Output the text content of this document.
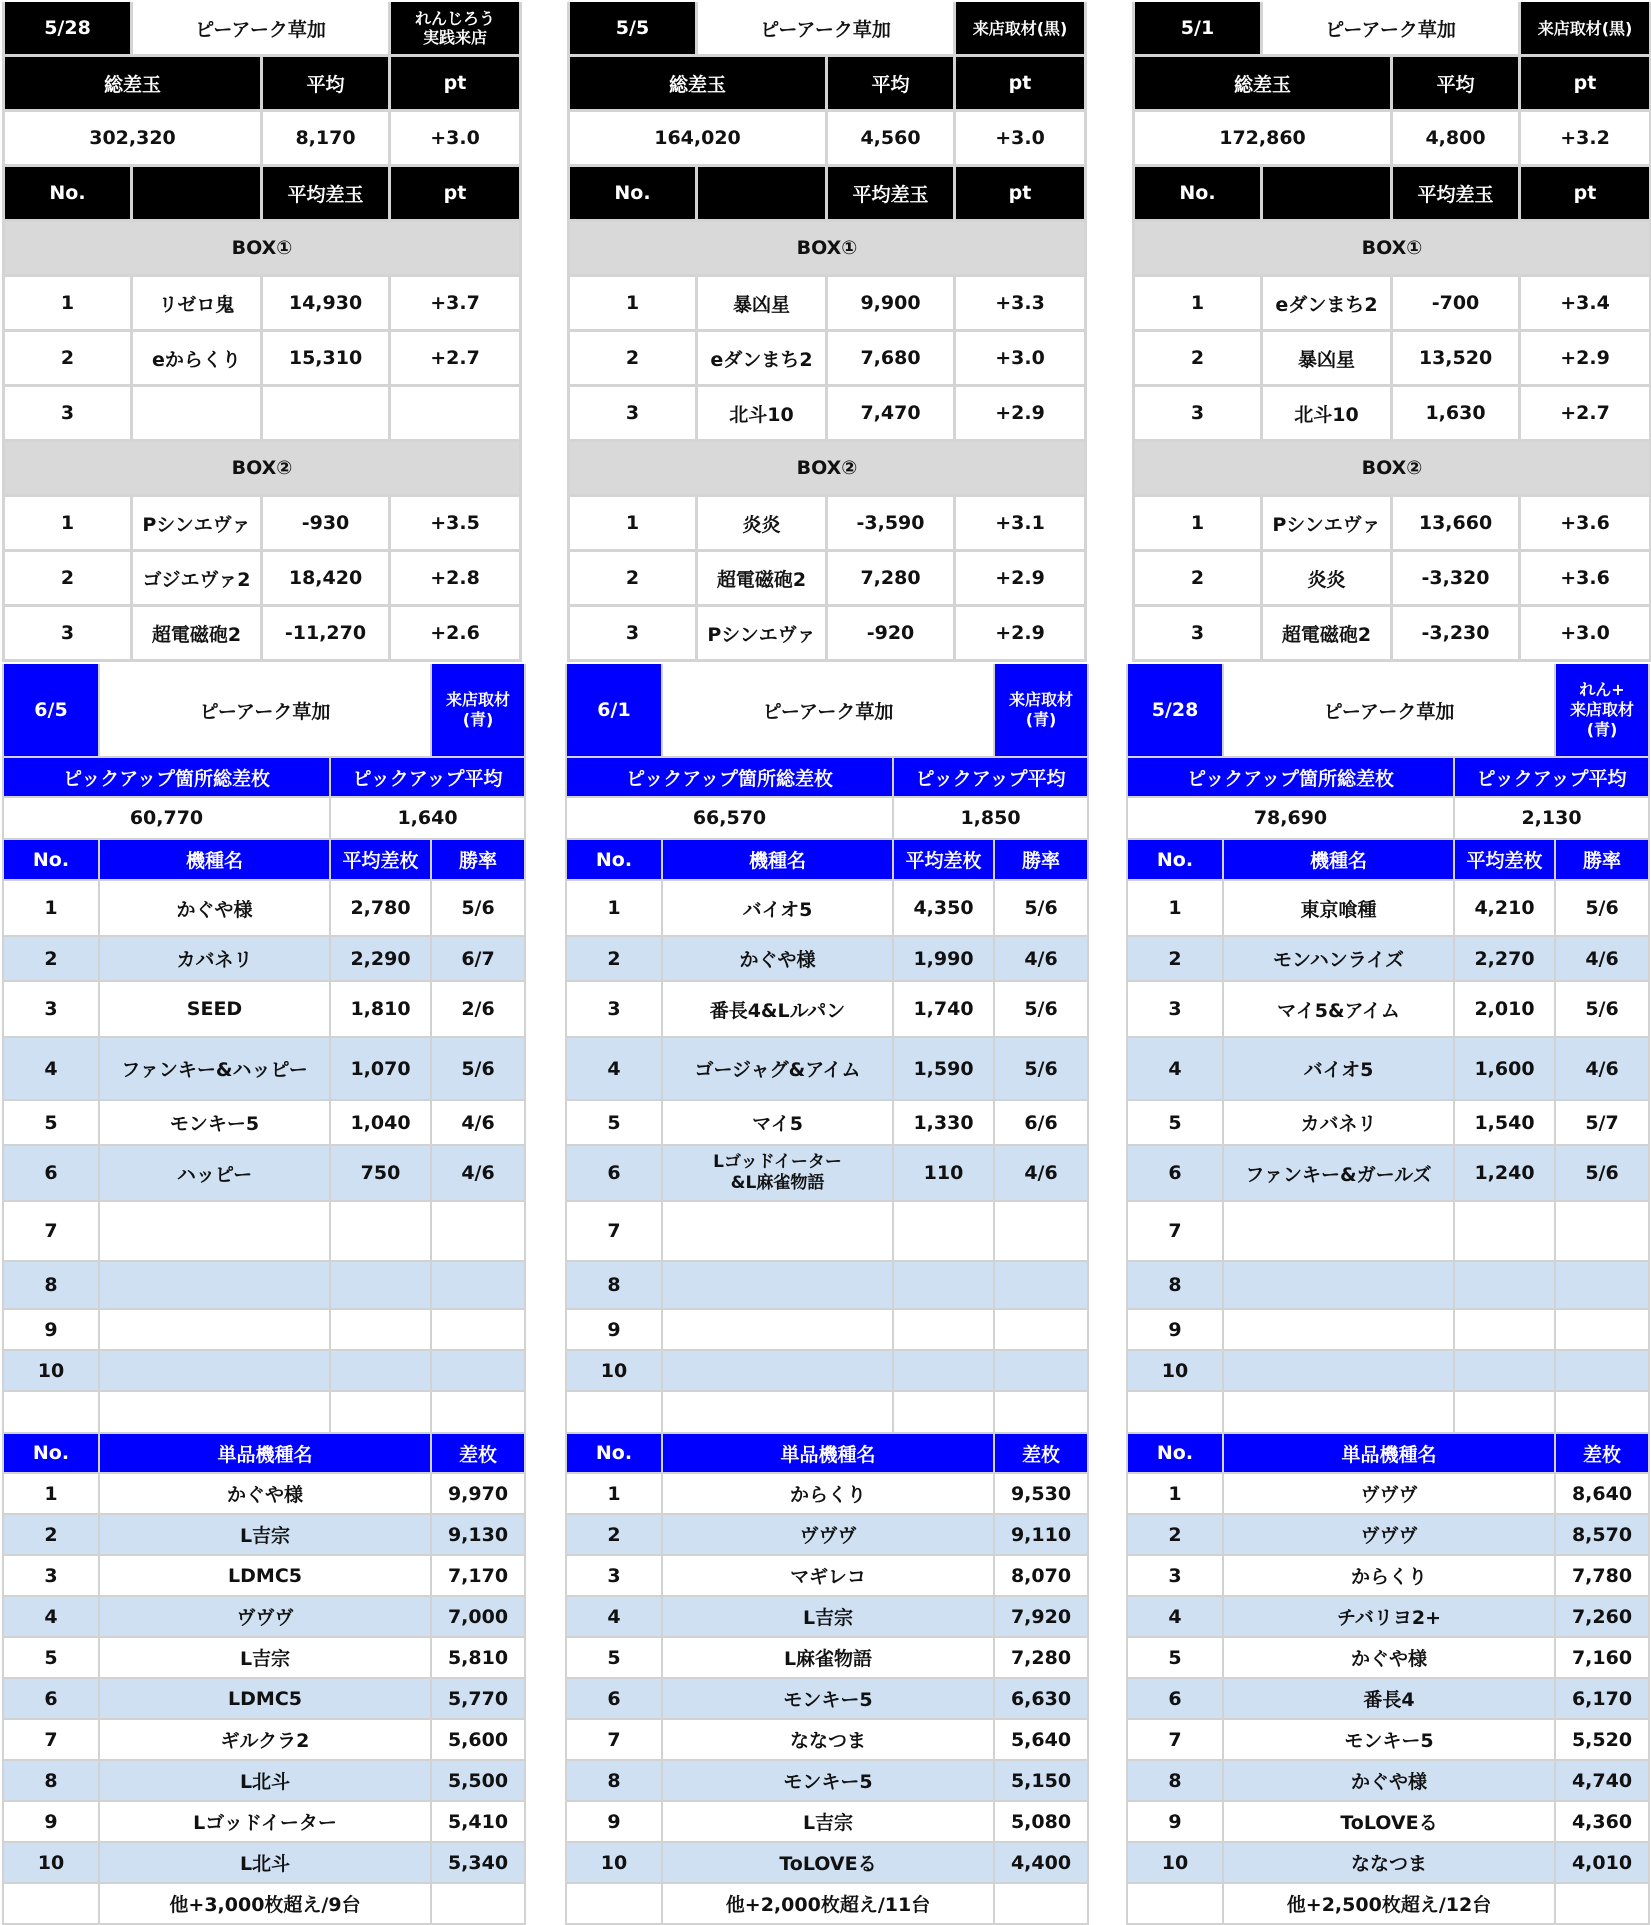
5/28	ピーアーク草加		れんじろう
実践来店
総差玉		平均	pt
302,320		8,170	+3.0
No.		平均差玉	pt
BOX①			
1	リゼロ鬼	14,930	+3.7
2	eからくり	15,310	+2.7
3			
BOX②			
1	Pシンエヴァ	-930	+3.5
2	ゴジエヴァ2	18,420	+2.8
3	超電磁砲2	-11,270	+2.6
5/5	ピーアーク草加		来店取材(黒)
総差玉		平均	pt
164,020		4,560	+3.0
No.		平均差玉	pt
BOX①			
1	暴凶星	9,900	+3.3
2	eダンまち2	7,680	+3.0
3	北斗10	7,470	+2.9
BOX②			
1	炎炎	-3,590	+3.1
2	超電磁砲2	7,280	+2.9
3	Pシンエヴァ	-920	+2.9
5/1	ピーアーク草加		来店取材(黒)
総差玉		平均	pt
172,860		4,800	+3.2
No.		平均差玉	pt
BOX①			
1	eダンまち2	-700	+3.4
2	暴凶星	13,520	+2.9
3	北斗10	1,630	+2.7
BOX②			
1	Pシンエヴァ	13,660	+3.6
2	炎炎	-3,320	+3.6
3	超電磁砲2	-3,230	+3.0
6/5	ピーアーク草加		来店取材
(青)
ピックアップ箇所総差枚		ピックアップ平均	
60,770		1,640	
No.	機種名	平均差枚	勝率
1	かぐや様	2,780	5/6
2	カバネリ	2,290	6/7
3	SEED	1,810	2/6
4	ファンキー&ハッピー	1,070	5/6
5	モンキー5	1,040	4/6
6	ハッピー	750	4/6
7			
8			
9			
10			

No.	単品機種名		差枚
1	かぐや様		9,970
2	L吉宗		9,130
3	LDMC5		7,170
4	ヴヴヴ		7,000
5	L吉宗		5,810
6	LDMC5		5,770
7	ギルクラ2		5,600
8	L北斗		5,500
9	Lゴッドイーター		5,410
10	L北斗		5,340
	他+3,000枚超え/9台		
6/1	ピーアーク草加		来店取材
(青)
ピックアップ箇所総差枚		ピックアップ平均	
66,570		1,850	
No.	機種名	平均差枚	勝率
1	バイオ5	4,350	5/6
2	かぐや様	1,990	4/6
3	番長4&Lルパン	1,740	5/6
4	ゴージャグ&アイム	1,590	5/6
5	マイ5	1,330	6/6
6	Lゴッドイーター
&L麻雀物語	110	4/6
7			
8			
9			
10			

No.	単品機種名		差枚
1	からくり		9,530
2	ヴヴヴ		9,110
3	マギレコ		8,070
4	L吉宗		7,920
5	L麻雀物語		7,280
6	モンキー5		6,630
7	ななつま		5,640
8	モンキー5		5,150
9	L吉宗		5,080
10	ToLOVEる		4,400
	他+2,000枚超え/11台		
5/28	ピーアーク草加		れん+
来店取材
(青)
ピックアップ箇所総差枚		ピックアップ平均	
78,690		2,130	
No.	機種名	平均差枚	勝率
1	東京喰種	4,210	5/6
2	モンハンライズ	2,270	4/6
3	マイ5&アイム	2,010	5/6
4	バイオ5	1,600	4/6
5	カバネリ	1,540	5/7
6	ファンキー&ガールズ	1,240	5/6
7			
8			
9			
10			

No.	単品機種名		差枚
1	ヴヴヴ		8,640
2	ヴヴヴ		8,570
3	からくり		7,780
4	チバリヨ2+		7,260
5	かぐや様		7,160
6	番長4		6,170
7	モンキー5		5,520
8	かぐや様		4,740
9	ToLOVEる		4,360
10	ななつま		4,010
	他+2,500枚超え/12台		
